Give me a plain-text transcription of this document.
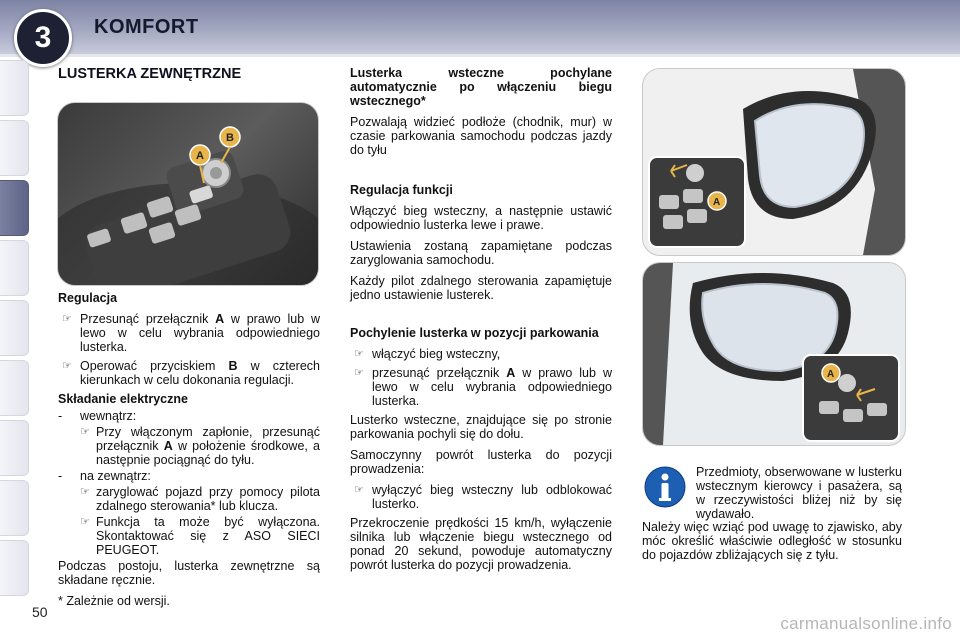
3	KOMFORT
LUSTERKA ZEWNĘTRZNE
A
B

Regulacja

☞ Przesunąć przełącznik A w prawo lub w lewo w celu wybrania odpowiedniego lusterka.
☞ Operować przyciskiem B w czterech kierunkach w celu dokonania regulacji.

Składanie elektryczne

- wewnątrz:
☞ Przy włączonym zapłonie, przesunąć przełącznik A w położenie środkowe, a następnie pociągnąć do tyłu.
- na zewnątrz:
☞ zaryglować pojazd przy pomocy pilota zdalnego sterowania* lub klucza.
☞ Funkcja ta może być wyłączona. Skontaktować się z ASO SIECI PEUGEOT.

Podczas postoju, lusterka zewnętrzne są składane ręcznie.

* Zależnie od wersji.

Lusterka wsteczne pochylane automatycznie po włączeniu biegu wstecznego*

Pozwalają widzieć podłoże (chodnik, mur) w czasie parkowania samochodu podczas jazdy do tyłu

Regulacja funkcji

Włączyć bieg wsteczny, a następnie ustawić odpowiednio lusterka lewe i prawe.

Ustawienia zostaną zapamiętane podczas zaryglowania samochodu.

Każdy pilot zdalnego sterowania zapamiętuje jedno ustawienie lusterek.

Pochylenie lusterka w pozycji parkowania

☞ włączyć bieg wsteczny,
☞ przesunąć przełącznik A w prawo lub w lewo w celu wybrania odpowiedniego lusterka.

Lusterko wsteczne, znajdujące się po stronie parkowania pochyli się do dołu.

Samoczynny powrót lusterka do pozycji prowadzenia:

☞ wyłączyć bieg wsteczny lub odblokować lusterko.

Przekroczenie prędkości 15 km/h, wyłączenie silnika lub włączenie biegu wstecznego od ponad 20 sekund, powoduje automatyczny powrót lusterka do pozycji prowadzenia.

A
A

Przedmioty, obserwowane w lusterku wstecznym kierowcy i pasażera, są w rzeczywistości bliżej niż by się wydawało.

Należy więc wziąć pod uwagę to zjawisko, aby móc określić właściwie odległość w stosunku do pojazdów zbliżających się z tyłu.

50
carmanualsonline.info
